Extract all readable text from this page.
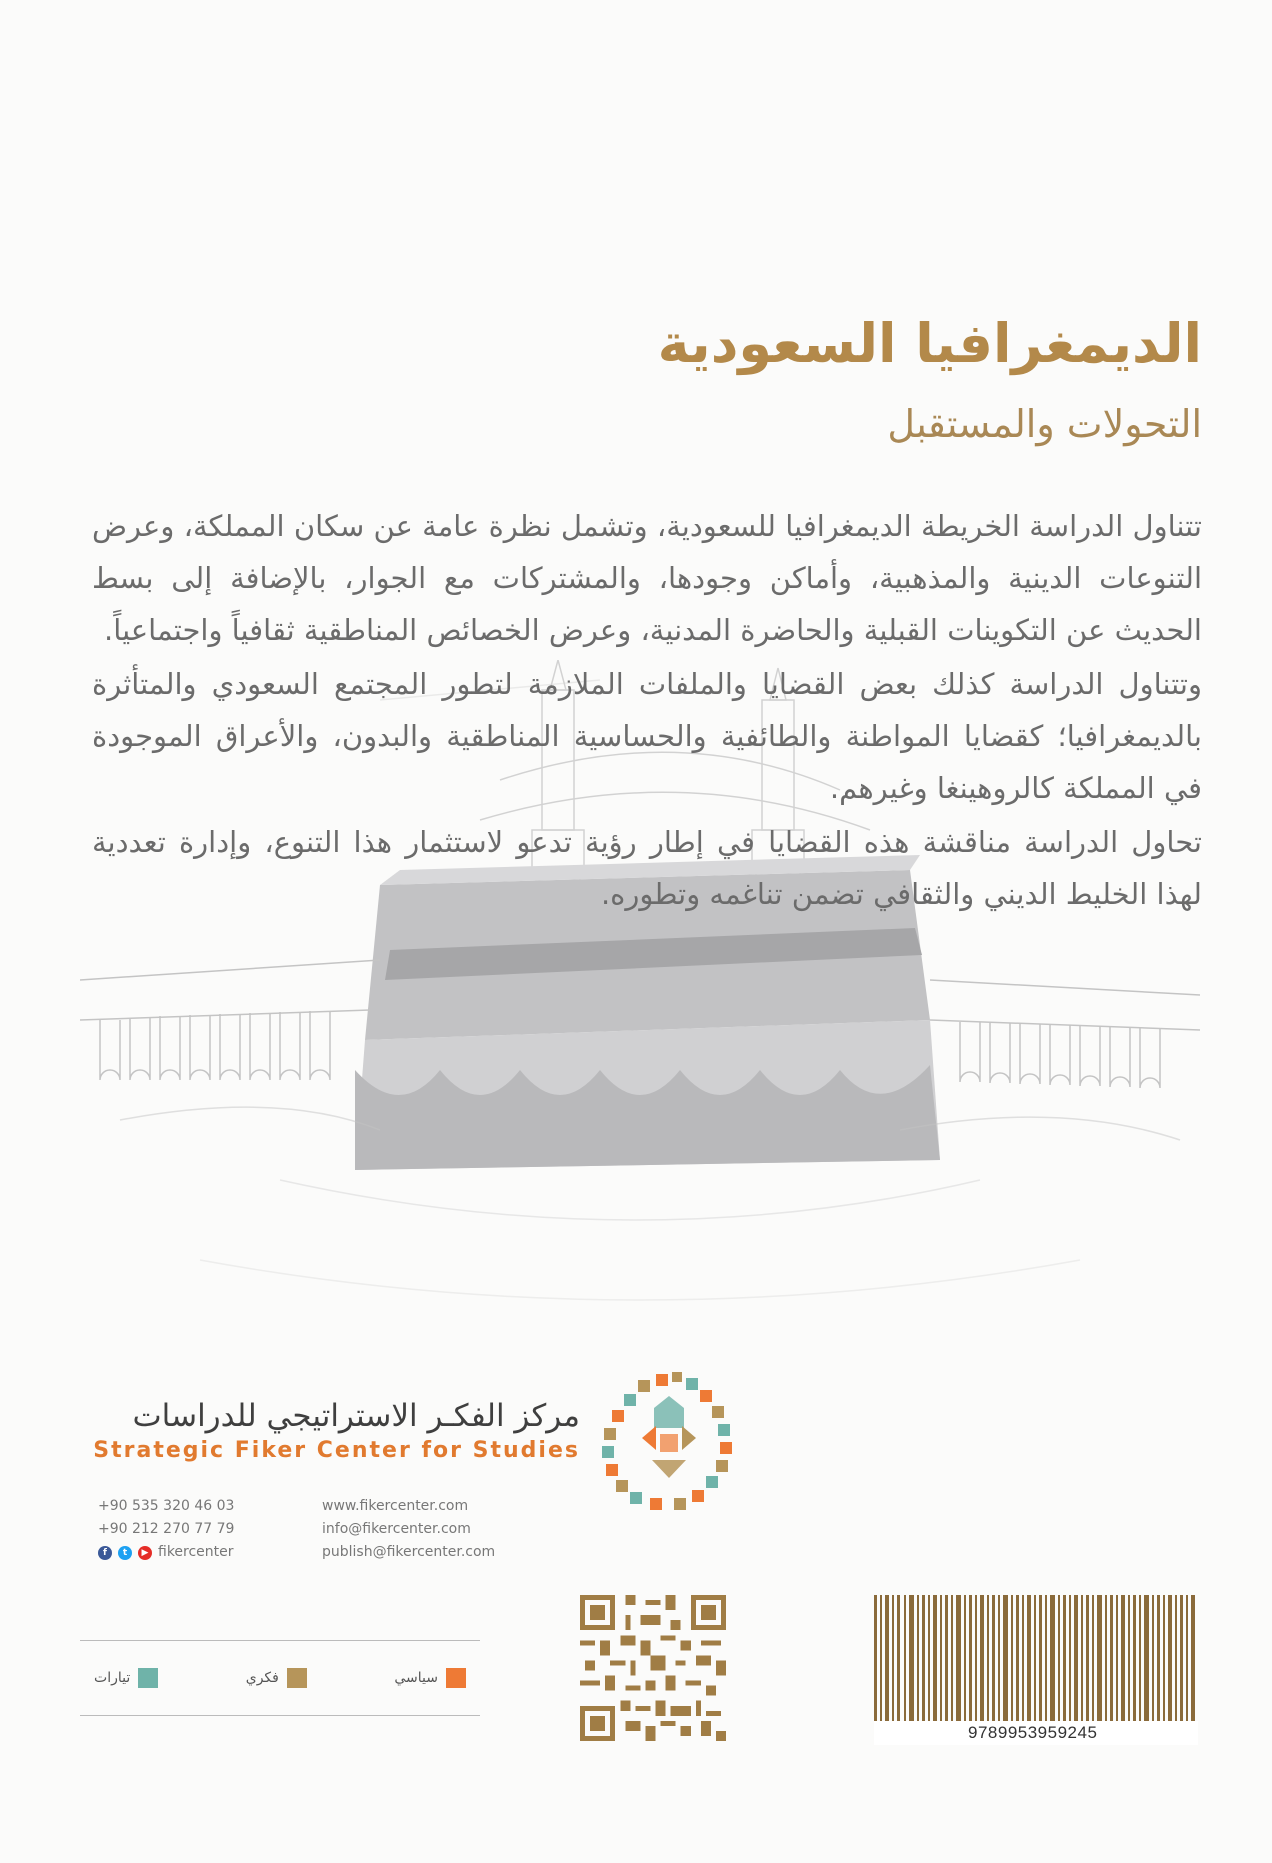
الديمغرافيا السعودية
التحولات والمستقبل

تتناول الدراسة الخريطة الديمغرافيا للسعودية، وتشمل نظرة عامة عن سكان المملكة، وعرض التنوعات الدينية والمذهبية، وأماكن وجودها، والمشتركات مع الجوار، بالإضافة إلى بسط الحديث عن التكوينات القبلية والحاضرة المدنية، وعرض الخصائص المناطقية ثقافياً واجتماعياً.

وتتناول الدراسة كذلك بعض القضايا والملفات الملازمة لتطور المجتمع السعودي والمتأثرة بالديمغرافيا؛ كقضايا المواطنة والطائفية والحساسية المناطقية والبدون، والأعراق الموجودة في المملكة كالروهينغا وغيرهم.

تحاول الدراسة مناقشة هذه القضايا في إطار رؤية تدعو لاستثمار هذا التنوع، وإدارة تعددية لهذا الخليط الديني والثقافي تضمن تناغمه وتطوره.

مركز الفكـر الاستراتيجي للدراسات
Strategic Fiker Center for Studies
+90 535 320 46 03
+90 212 270 77 79
f	t	▶ fikercenter
www.fikercenter.com
info@fikercenter.com
publish@fikercenter.com
سياسي
فكري
تيارات
9789953959245
